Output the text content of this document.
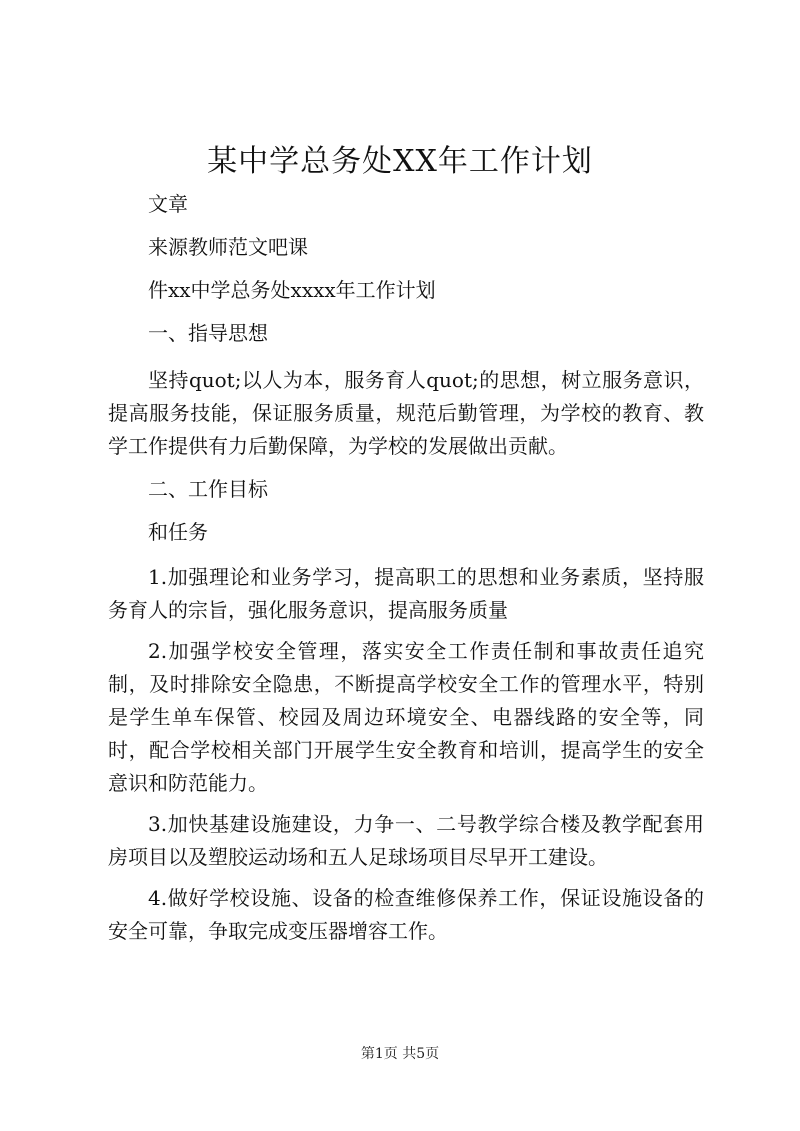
某中学总务处XX年工作计划

文章

来源教师范文吧课

件xx中学总务处xxxx年工作计划

一、指导思想

坚持quot;以人为本，服务育人quot;的思想，树立服务意识，提高服务技能，保证服务质量，规范后勤管理，为学校的教育、教学工作提供有力后勤保障，为学校的发展做出贡献。

二、工作目标

和任务

1.加强理论和业务学习，提高职工的思想和业务素质，坚持服务育人的宗旨，强化服务意识，提高服务质量

2.加强学校安全管理，落实安全工作责任制和事故责任追究制，及时排除安全隐患，不断提高学校安全工作的管理水平，特别是学生单车保管、校园及周边环境安全、电器线路的安全等，同时，配合学校相关部门开展学生安全教育和培训，提高学生的安全意识和防范能力。

3.加快基建设施建设，力争一、二号教学综合楼及教学配套用房项目以及塑胶运动场和五人足球场项目尽早开工建设。

4.做好学校设施、设备的检查维修保养工作，保证设施设备的安全可靠，争取完成变压器增容工作。

第1页 共5页
